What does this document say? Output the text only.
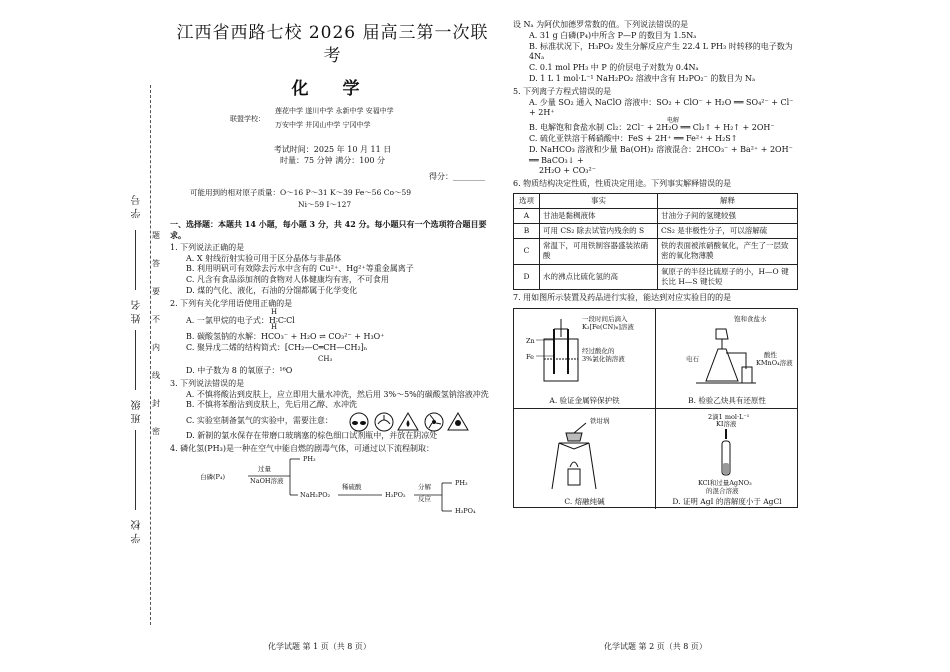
学 号
姓 名
班 级
学 校
题
答
要
不
内
线
封
密
江西省西路七校 2026 届高三第一次联考
化 学
联盟学校：
莲花中学 遂川中学 永新中学 安福中学
万安中学 井冈山中学 宁冈中学
考试时间：2025 年 10 月 11 日
时量：75 分钟 满分：100 分
得分：________
可能用到的相对原子质量：O～16 P～31 K～39 Fe～56 Co～59
Ni～59 I～127
一、选择题：本题共 14 小题，每小题 3 分，共 42 分。每小题只有一个选项符合题目要求。
1. 下列说法正确的是
A. X 射线衍射实验可用于区分晶体与非晶体
B. 利用明矾可有效除去污水中含有的 Cu²⁺、Hg²⁺等重金属离子
C. 凡含有食品添加剂的食物对人体健康均有害，不可食用
D. 煤的气化、液化，石油的分馏都属于化学变化
2. 下列有关化学用语使用正确的是
H
A. 一氯甲烷的电子式：H∶C∶Cl
H
B. 碳酸氢钠的水解：HCO₃⁻ + H₂O ⇌ CO₃²⁻ + H₃O⁺
C. 聚异戊二烯的结构简式：[CH₂—C═CH—CH₂]ₙ
CH₃
D. 中子数为 8 的氧原子：¹⁶O
3. 下列说法错误的是
A. 不慎将酸沾到皮肤上，应立即用大量水冲洗，然后用 3%～5%的碳酸氢钠溶液冲洗
B. 不慎将苯酚沾到皮肤上，先后用乙醇、水冲洗
C. 实验室制备氯气的实验中，需要注意：
D. 新制的氯水保存在带磨口玻璃塞的棕色细口试剂瓶中，并放在阴凉处
4. 磷化氢(PH₃)是一种在空气中能自燃的剧毒气体，可通过以下流程制取：
白磷(P₄)
过量
NaOH溶液
PH₃
NaH₂PO₂
稀硫酸
H₃PO₂
分解
反应
PH₃
H₃PO₄
化学试题 第 1 页（共 8 页）
设 Nₐ 为阿伏加德罗常数的值。下列说法错误的是
A. 31 g 白磷(P₄)中所含 P—P 的数目为 1.5Nₐ
B. 标准状况下，H₃PO₂ 发生分解反应产生 22.4 L PH₃ 时转移的电子数为 4Nₐ
C. 0.1 mol PH₃ 中 P 的价层电子对数为 0.4Nₐ
D. 1 L 1 mol·L⁻¹ NaH₂PO₂ 溶液中含有 H₂PO₂⁻ 的数目为 Nₐ
5. 下列离子方程式错误的是
A. 少量 SO₂ 通入 NaClO 溶液中：SO₂ + ClO⁻ + H₂O ══ SO₄²⁻ + Cl⁻ + 2H⁺
电解
B. 电解饱和食盐水制 Cl₂：2Cl⁻ + 2H₂O ══ Cl₂↑ + H₂↑ + 2OH⁻
C. 硫化亚铁溶于稀硝酸中：FeS + 2H⁺ ══ Fe²⁺ + H₂S↑
D. NaHCO₃ 溶液和少量 Ba(OH)₂ 溶液混合：2HCO₃⁻ + Ba²⁺ + 2OH⁻ ══ BaCO₃↓ +
2H₂O + CO₃²⁻
6. 物质结构决定性质，性质决定用途。下列事实解释错误的是
选项	事实	解释
A	甘油是黏稠液体	甘油分子间的氢键较强
B	可用 CS₂ 除去试管内残余的 S	CS₂ 是非极性分子，可以溶解硫
C	常温下，可用铁制容器盛装浓硝酸	铁的表面被浓硝酸氧化，产生了一层致密的氧化物薄膜
D	水的沸点比硫化氢的高	氧原子的半径比硫原子的小，H—O 键长比 H—S 键长短
7. 用如图所示装置及药品进行实验，能达到对应实验目的的是
一段时间后滴入
K₃[Fe(CN)₆]溶液
经过酸化的
3%氯化钠溶液
Zn
Fe
A. 验证金属锌保护铁
饱和食盐水
电石	酸性
KMnO₄溶液
B. 检验乙炔具有还原性
铁坩埚
C. 熔融纯碱
2滴1 mol·L⁻¹
KI溶液
KCl和过量AgNO₃
的混合溶液
D. 证明 AgI 的溶解度小于 AgCl
化学试题 第 2 页（共 8 页）
